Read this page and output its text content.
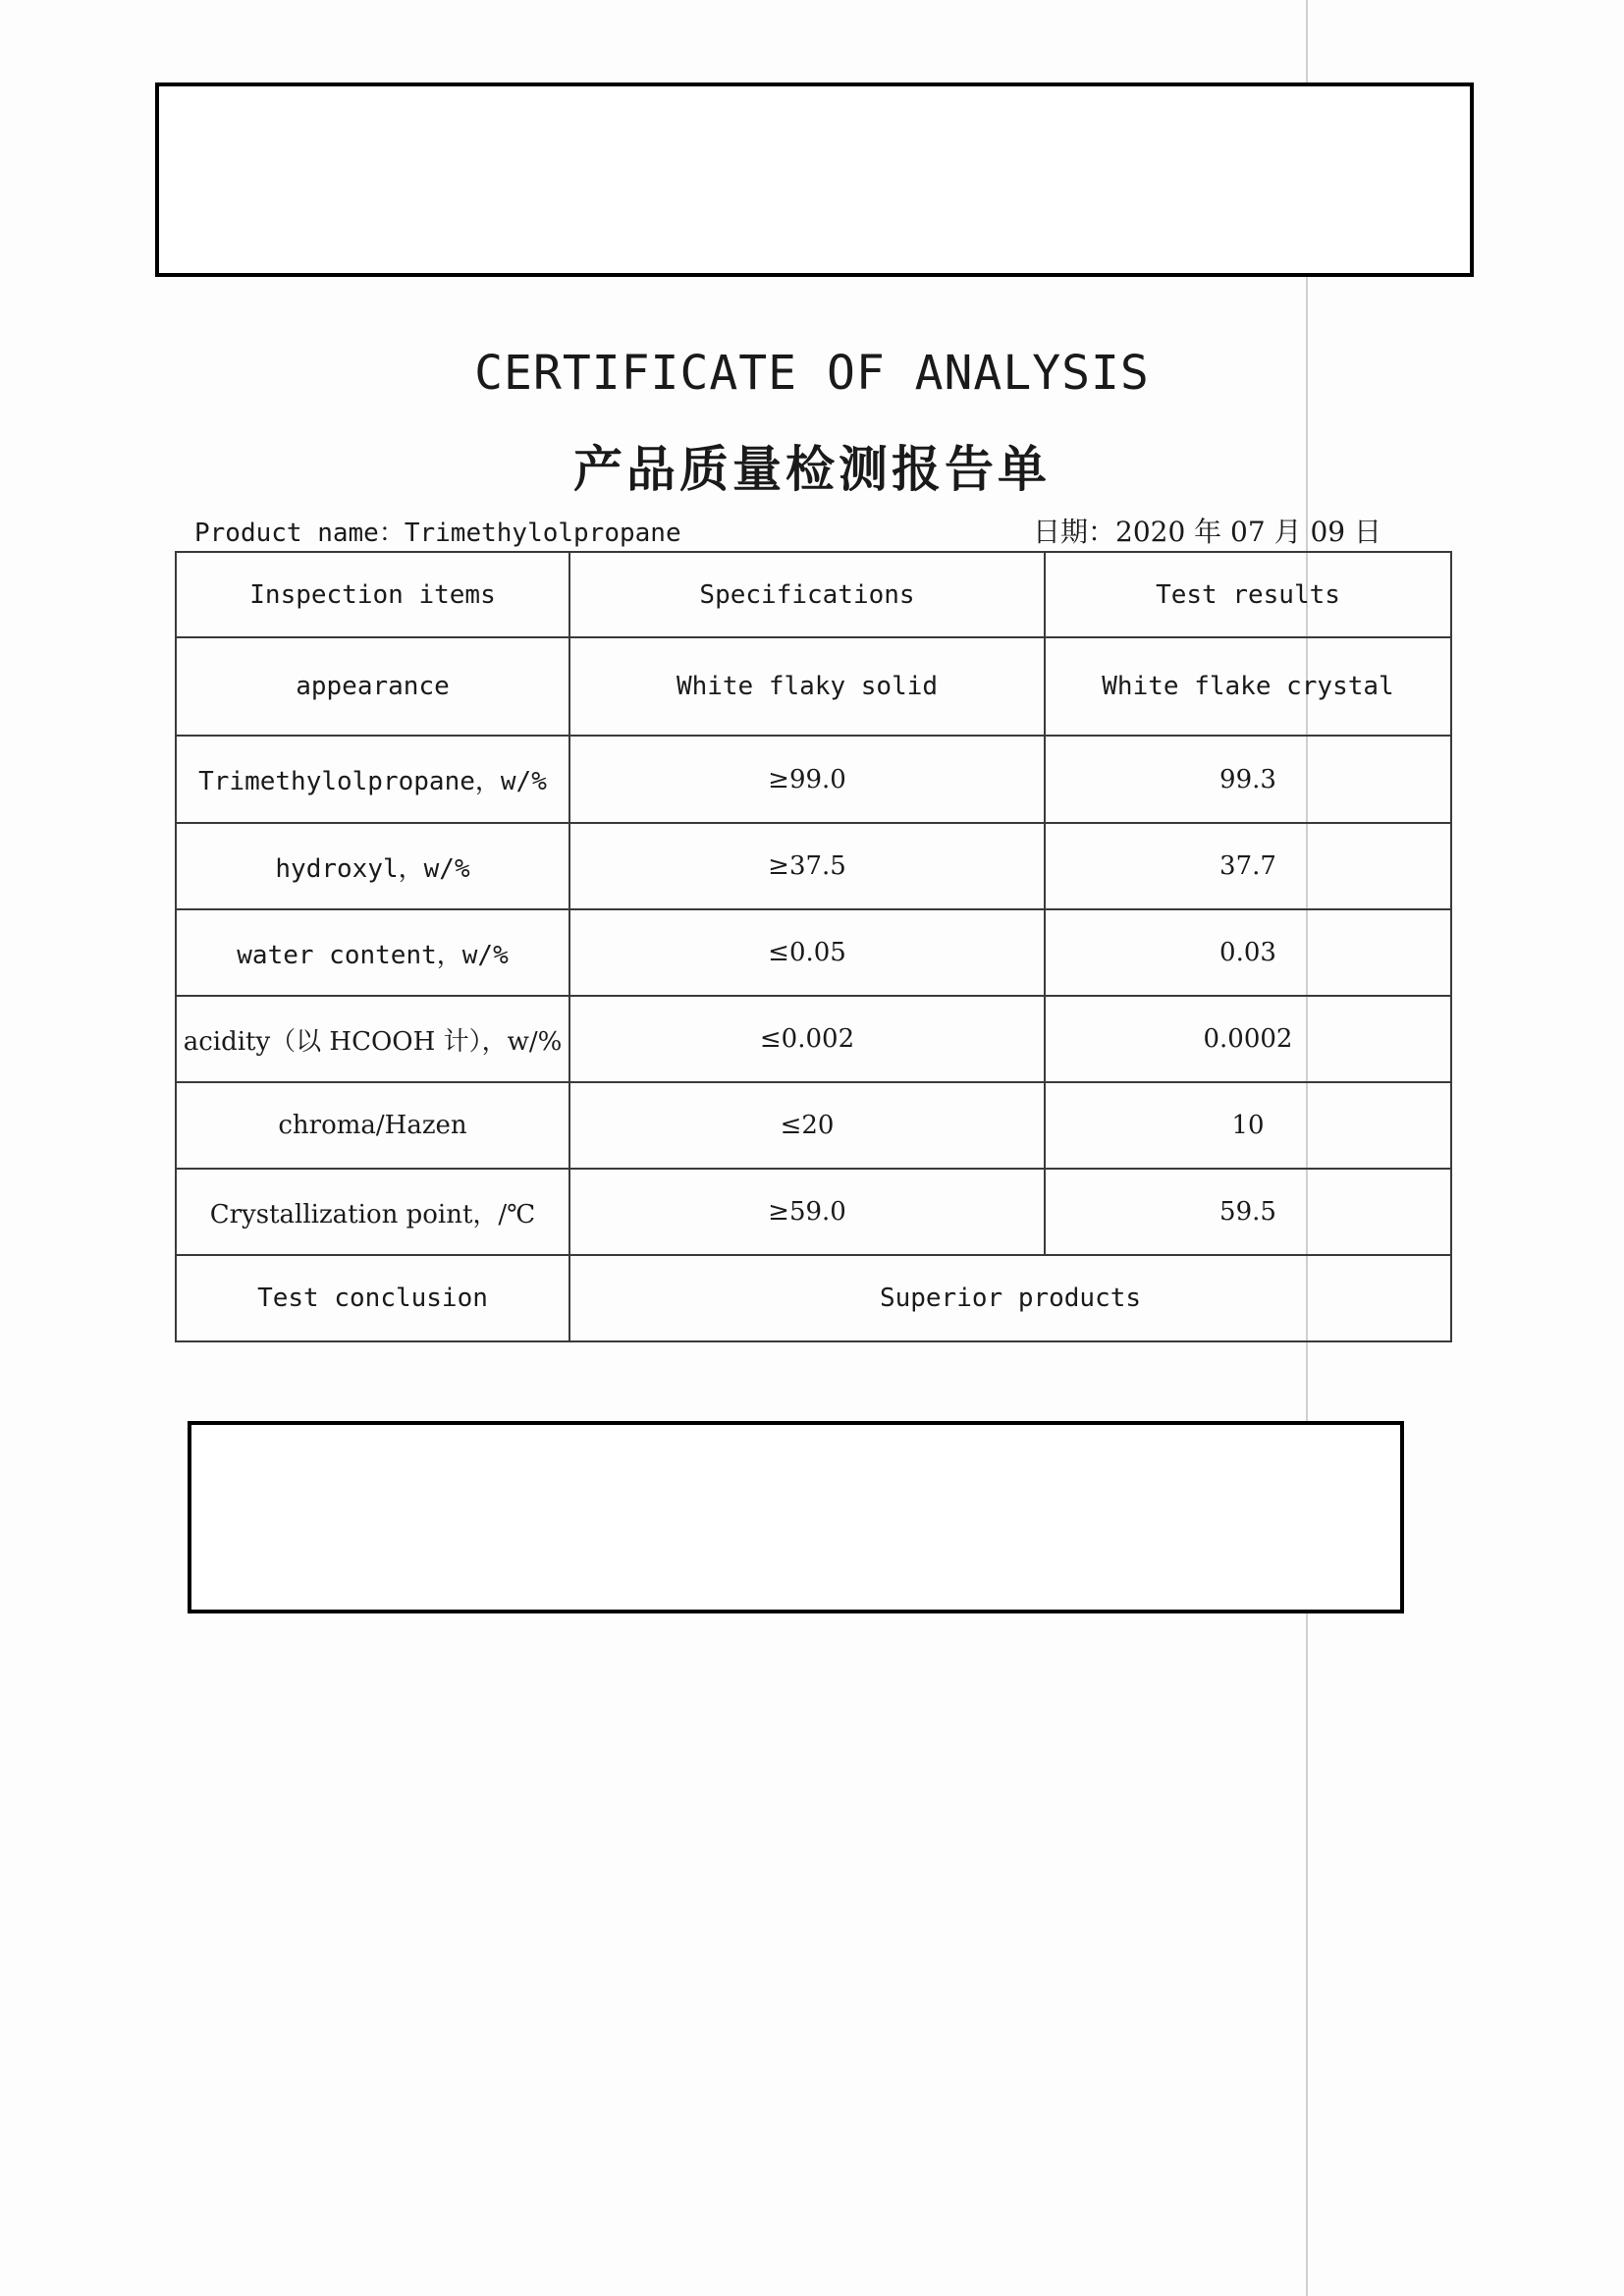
CERTIFICATE OF ANALYSIS
产品质量检测报告单
Product name：Trimethylolpropane	日期：2020 年 07 月 09 日
Inspection items	Specifications	Test results
appearance	White flaky solid	White flake crystal
Trimethylolpropane，w/%	≥99.0	99.3
hydroxyl，w/%	≥37.5	37.7
water content，w/%	≤0.05	0.03
acidity（以 HCOOH 计），w/%	≤0.002	0.0002
chroma/Hazen	≤20	10
Crystallization point，/℃	≥59.0	59.5
Test conclusion	Superior products	
